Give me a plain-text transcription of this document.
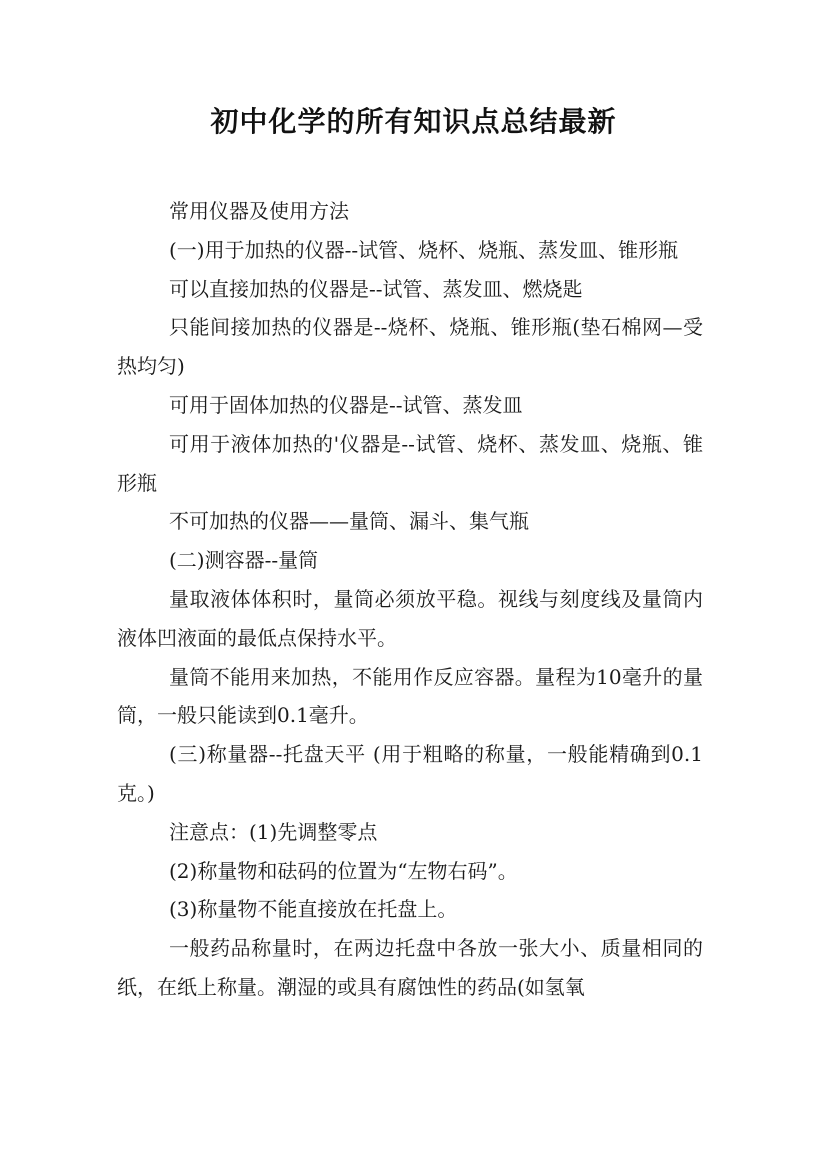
初中化学的所有知识点总结最新

常用仪器及使用方法

(一)用于加热的仪器--试管、烧杯、烧瓶、蒸发皿、锥形瓶

可以直接加热的仪器是--试管、蒸发皿、燃烧匙

只能间接加热的仪器是--烧杯、烧瓶、锥形瓶(垫石棉网—受热均匀)

可用于固体加热的仪器是--试管、蒸发皿

可用于液体加热的'仪器是--试管、烧杯、蒸发皿、烧瓶、锥形瓶

不可加热的仪器——量筒、漏斗、集气瓶

(二)测容器--量筒

量取液体体积时，量筒必须放平稳。视线与刻度线及量筒内液体凹液面的最低点保持水平。

量筒不能用来加热，不能用作反应容器。量程为10毫升的量筒，一般只能读到0.1毫升。

(三)称量器--托盘天平 (用于粗略的称量，一般能精确到0.1克。)

注意点：(1)先调整零点

(2)称量物和砝码的位置为“左物右码”。

(3)称量物不能直接放在托盘上。

一般药品称量时，在两边托盘中各放一张大小、质量相同的纸，在纸上称量。潮湿的或具有腐蚀性的药品(如氢氧
